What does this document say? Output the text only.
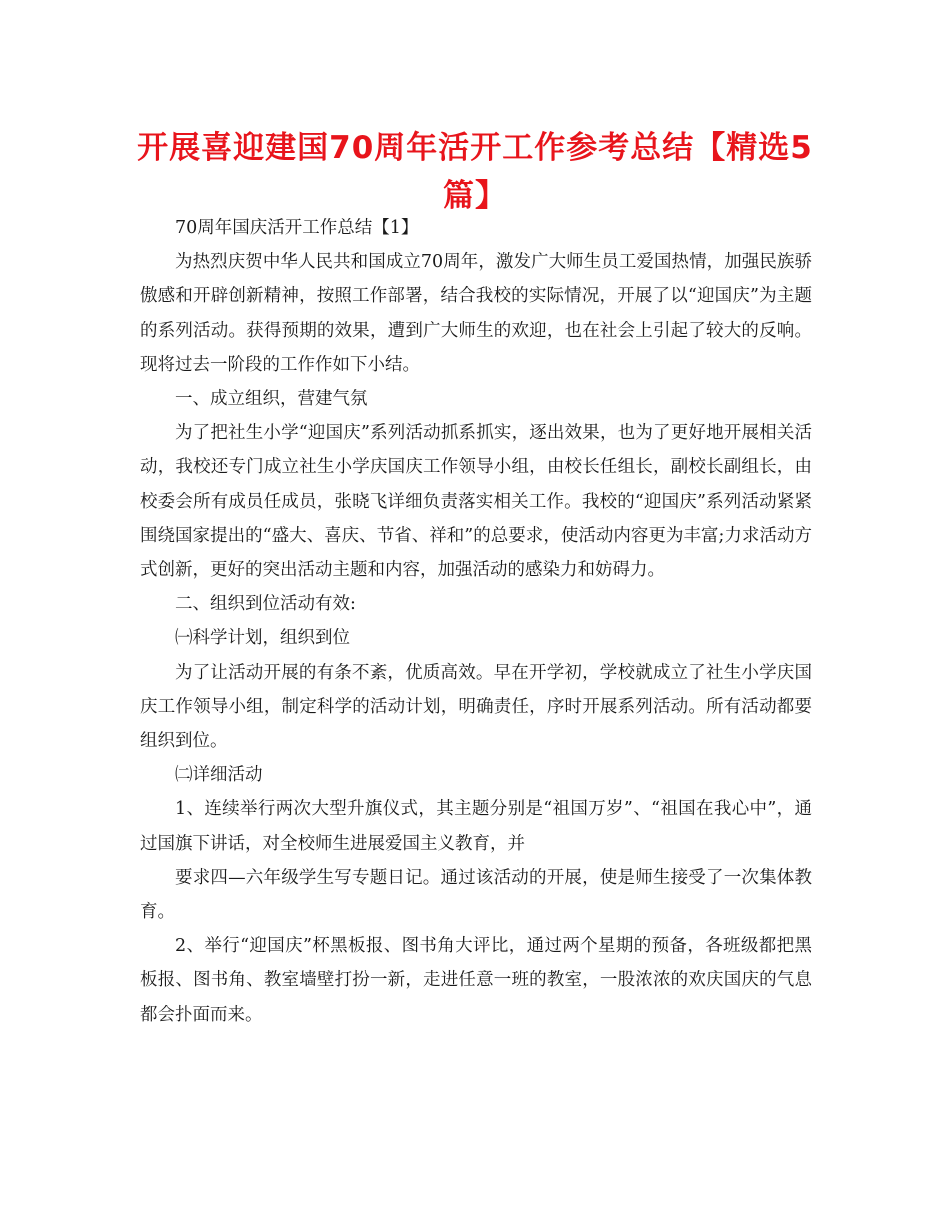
开展喜迎建国70周年活开工作参考总结【精选5篇】

70周年国庆活开工作总结【1】

为热烈庆贺中华人民共和国成立70周年，激发广大师生员工爱国热情，加强民族骄傲感和开辟创新精神，按照工作部署，结合我校的实际情况，开展了以“迎国庆”为主题的系列活动。获得预期的效果，遭到广大师生的欢迎，也在社会上引起了较大的反响。现将过去一阶段的工作作如下小结。

一、成立组织，营建气氛

为了把社生小学“迎国庆”系列活动抓系抓实，逐出效果，也为了更好地开展相关活动，我校还专门成立社生小学庆国庆工作领导小组，由校长任组长，副校长副组长，由校委会所有成员任成员，张晓飞详细负责落实相关工作。我校的“迎国庆”系列活动紧紧围绕国家提出的“盛大、喜庆、节省、祥和”的总要求，使活动内容更为丰富;力求活动方式创新，更好的突出活动主题和内容，加强活动的感染力和妨碍力。

二、组织到位活动有效:

㈠科学计划，组织到位

为了让活动开展的有条不紊，优质高效。早在开学初，学校就成立了社生小学庆国庆工作领导小组，制定科学的活动计划，明确责任，序时开展系列活动。所有活动都要组织到位。

㈡详细活动

1、连续举行两次大型升旗仪式，其主题分别是“祖国万岁”、“祖国在我心中”，通过国旗下讲话，对全校师生进展爱国主义教育，并

要求四—六年级学生写专题日记。通过该活动的开展，使是师生接受了一次集体教育。

2、举行“迎国庆”杯黑板报、图书角大评比，通过两个星期的预备，各班级都把黑板报、图书角、教室墙壁打扮一新，走进任意一班的教室，一股浓浓的欢庆国庆的气息都会扑面而来。
